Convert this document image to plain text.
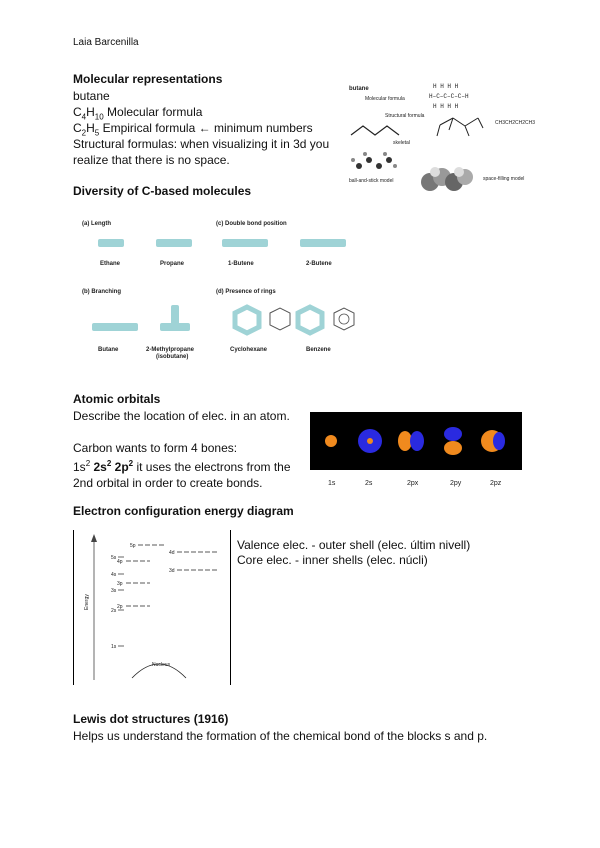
Laia Barcenilla
Molecular representations
butane
$C_4H_{10}$ Molecular formula
$C_2H_5$ Empirical formula ← minimum numbers
Structural formulas: when visualizing it in 3d you realize that there is no space.
butane
Molecular formula
Structural formula
skeletal
H H H H
H–C–C–C–C–H
H H H H
CH3CH2CH2CH3
ball-and-stick model	space-filling model
Diversity of C-based molecules
(a) Length
Ethane	Propane
(c) Double bond position
1-Butene	2-Butene
(b) Branching
Butane	2-Methylpropane
(isobutane)
(d) Presence of rings
Cyclohexane	Benzene
Atomic orbitals
Describe the location of elec. in an atom.
Carbon wants to form 4 bones:
$1s^2$ $2s^2$ $2p^2$ it uses the electrons from the 2nd orbital in order to create bonds.	1s	2s	2px	2py	2pz
Electron configuration energy diagram
Energy
5p
5s
4p
4s
3p
3s
2p
2s
1s
4d
3d
Nucleus
Valence elec. - outer shell (elec. últim nivell)
Core elec. - inner shells (elec. núcli)
Lewis dot structures (1916)
Helps us understand the formation of the chemical bond of the blocks s and p.
